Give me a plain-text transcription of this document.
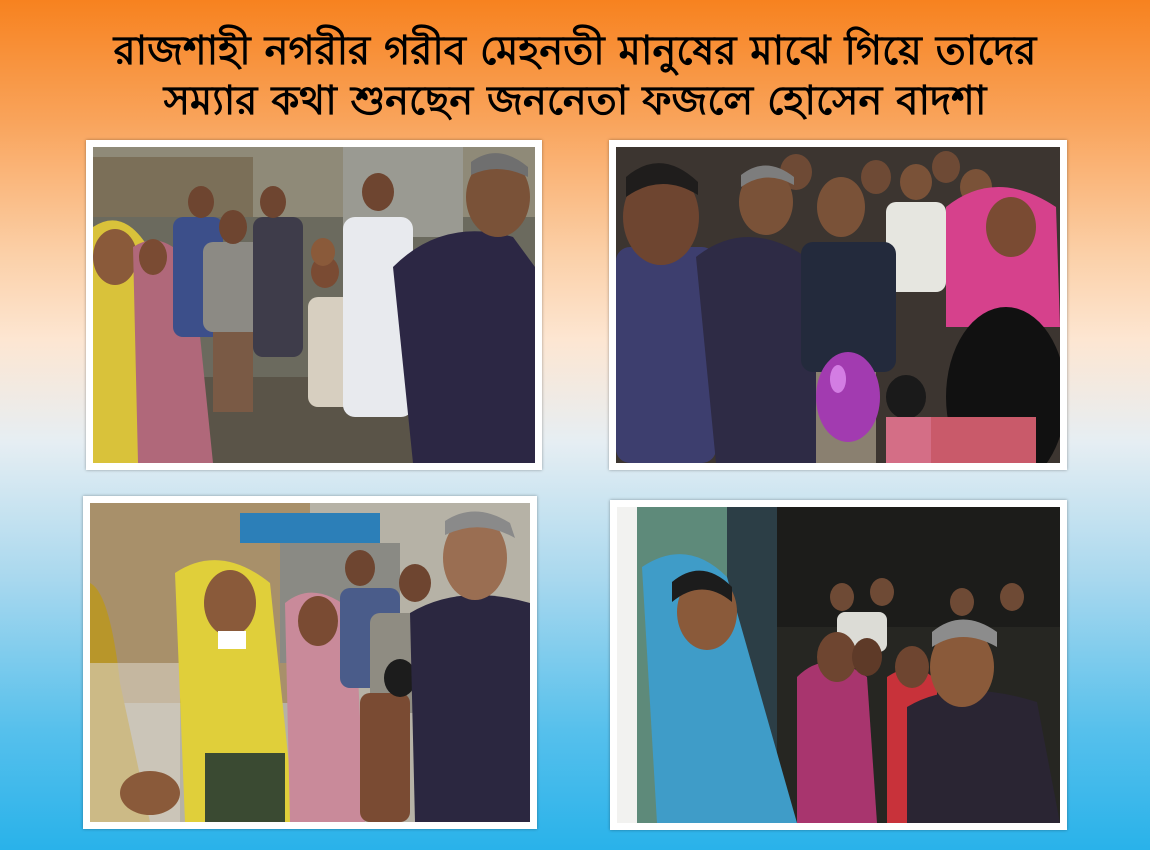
রাজশাহী নগরীর গরীব মেহনতী মানুষের মাঝে গিয়ে তাদের
সম্যার কথা শুনছেন জননেতা ফজলে হোসেন বাদশা
